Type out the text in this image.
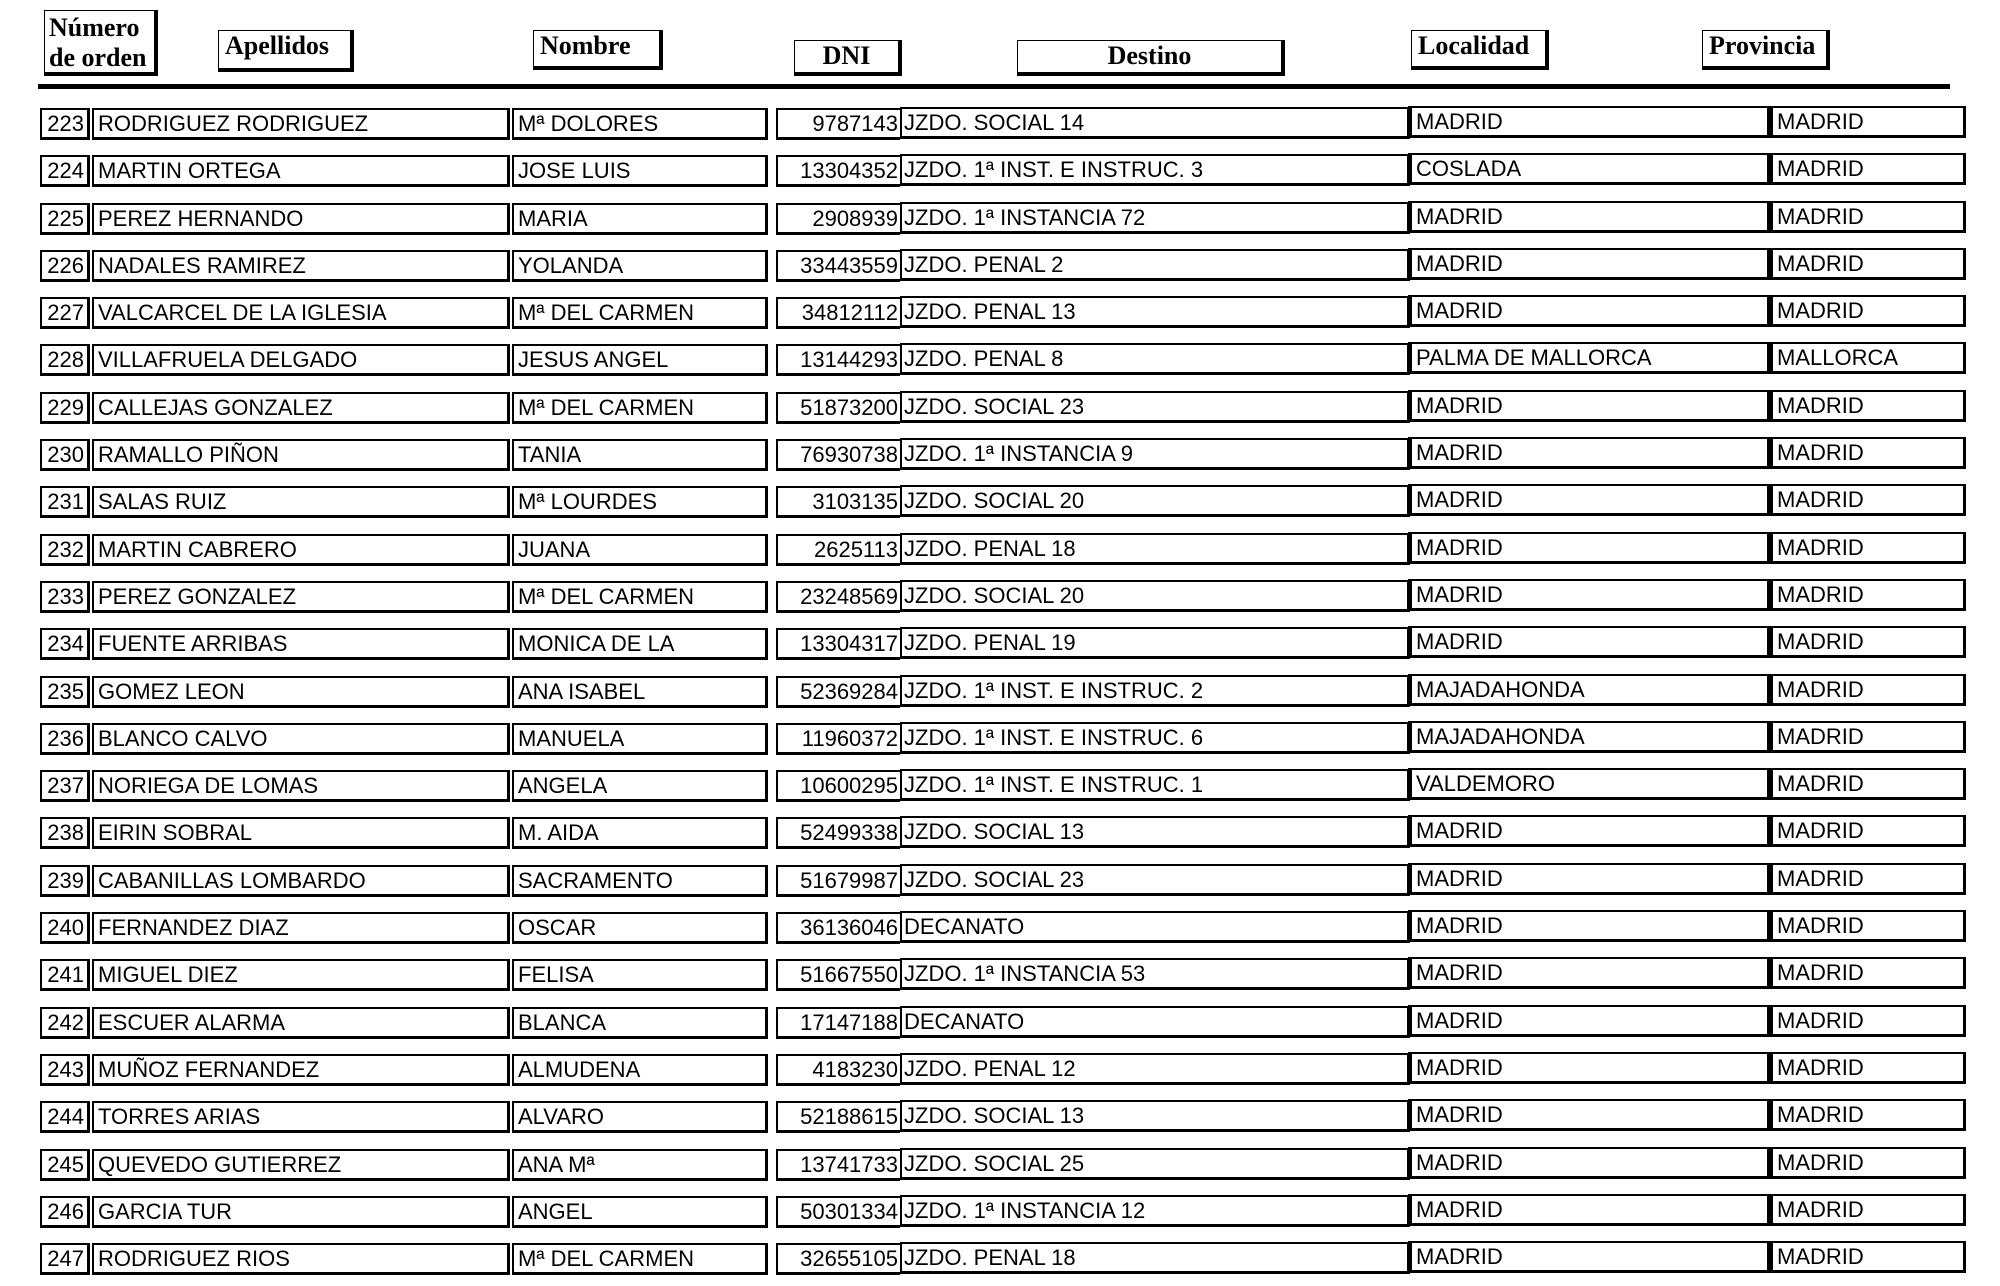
Número
de orden	Apellidos	Nombre	DNI	Destino	Localidad	Provincia
223 RODRIGUEZ RODRIGUEZ	Mª DOLORES	9787143 JZDO. SOCIAL 14	MADRID	MADRID
224 MARTIN ORTEGA	JOSE LUIS	13304352 JZDO. 1ª INST. E INSTRUC. 3	COSLADA	MADRID
225 PEREZ HERNANDO	MARIA	2908939 JZDO. 1ª INSTANCIA 72	MADRID	MADRID
226 NADALES RAMIREZ	YOLANDA	33443559 JZDO. PENAL 2	MADRID	MADRID
227 VALCARCEL DE LA IGLESIA	Mª DEL CARMEN	34812112 JZDO. PENAL 13	MADRID	MADRID
228 VILLAFRUELA DELGADO	JESUS ANGEL	13144293 JZDO. PENAL 8	PALMA DE MALLORCA	MALLORCA
229 CALLEJAS GONZALEZ	Mª DEL CARMEN	51873200 JZDO. SOCIAL 23	MADRID	MADRID
230 RAMALLO PIÑON	TANIA	76930738 JZDO. 1ª INSTANCIA 9	MADRID	MADRID
231 SALAS RUIZ	Mª LOURDES	3103135 JZDO. SOCIAL 20	MADRID	MADRID
232 MARTIN CABRERO	JUANA	2625113 JZDO. PENAL 18	MADRID	MADRID
233 PEREZ GONZALEZ	Mª DEL CARMEN	23248569 JZDO. SOCIAL 20	MADRID	MADRID
234 FUENTE ARRIBAS	MONICA DE LA	13304317 JZDO. PENAL 19	MADRID	MADRID
235 GOMEZ LEON	ANA ISABEL	52369284 JZDO. 1ª INST. E INSTRUC. 2	MAJADAHONDA	MADRID
236 BLANCO CALVO	MANUELA	11960372 JZDO. 1ª INST. E INSTRUC. 6	MAJADAHONDA	MADRID
237 NORIEGA DE LOMAS	ANGELA	10600295 JZDO. 1ª INST. E INSTRUC. 1	VALDEMORO	MADRID
238 EIRIN SOBRAL	M. AIDA	52499338 JZDO. SOCIAL 13	MADRID	MADRID
239 CABANILLAS LOMBARDO	SACRAMENTO	51679987 JZDO. SOCIAL 23	MADRID	MADRID
240 FERNANDEZ DIAZ	OSCAR	36136046 DECANATO	MADRID	MADRID
241 MIGUEL DIEZ	FELISA	51667550 JZDO. 1ª INSTANCIA 53	MADRID	MADRID
242 ESCUER ALARMA	BLANCA	17147188 DECANATO	MADRID	MADRID
243 MUÑOZ FERNANDEZ	ALMUDENA	4183230 JZDO. PENAL 12	MADRID	MADRID
244 TORRES ARIAS	ALVARO	52188615 JZDO. SOCIAL 13	MADRID	MADRID
245 QUEVEDO GUTIERREZ	ANA Mª	13741733 JZDO. SOCIAL 25	MADRID	MADRID
246 GARCIA TUR	ANGEL	50301334 JZDO. 1ª INSTANCIA 12	MADRID	MADRID
247 RODRIGUEZ RIOS	Mª DEL CARMEN	32655105 JZDO. PENAL 18	MADRID	MADRID
